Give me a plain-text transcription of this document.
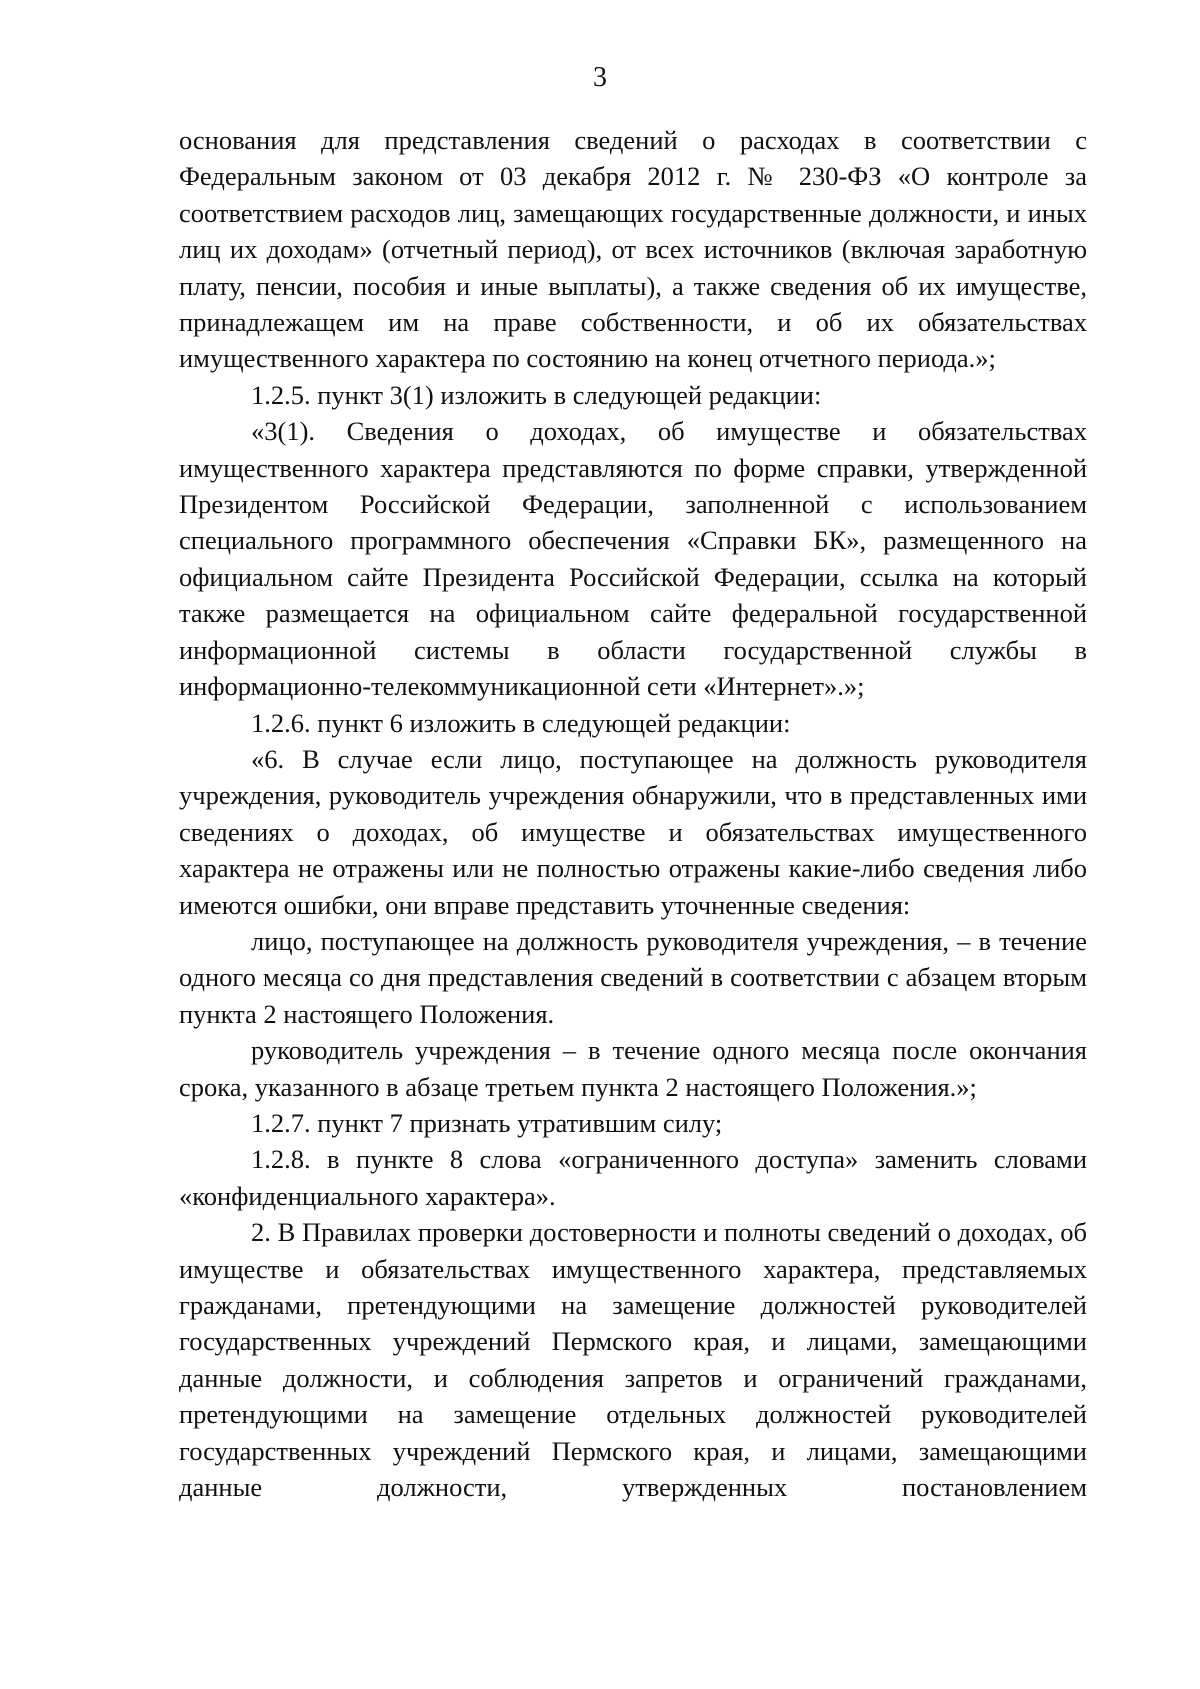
3

основания для представления сведений о расходах в соответствии с Федеральным законом от 03 декабря 2012 г. № 230-ФЗ «О контроле за соответствием расходов лиц, замещающих государственные должности, и иных лиц их доходам» (отчетный период), от всех источников (включая заработную плату, пенсии, пособия и иные выплаты), а также сведения об их имуществе, принадлежащем им на праве собственности, и об их обязательствах имущественного характера по состоянию на конец отчетного периода.»;

1.2.5. пункт 3(1) изложить в следующей редакции:

«3(1). Сведения о доходах, об имуществе и обязательствах имущественного характера представляются по форме справки, утвержденной Президентом Российской Федерации, заполненной с использованием специального программного обеспечения «Справки БК», размещенного на официальном сайте Президента Российской Федерации, ссылка на который также размещается на официальном сайте федеральной государственной информационной системы в области государственной службы в информационно-телекоммуникационной сети «Интернет».»;

1.2.6. пункт 6 изложить в следующей редакции:

«6. В случае если лицо, поступающее на должность руководителя учреждения, руководитель учреждения обнаружили, что в представленных ими сведениях о доходах, об имуществе и обязательствах имущественного характера не отражены или не полностью отражены какие-либо сведения либо имеются ошибки, они вправе представить уточненные сведения:

лицо, поступающее на должность руководителя учреждения, – в течение одного месяца со дня представления сведений в соответствии с абзацем вторым пункта 2 настоящего Положения.

руководитель учреждения – в течение одного месяца после окончания срока, указанного в абзаце третьем пункта 2 настоящего Положения.»;

1.2.7. пункт 7 признать утратившим силу;

1.2.8. в пункте 8 слова «ограниченного доступа» заменить словами «конфиденциального характера».

2. В Правилах проверки достоверности и полноты сведений о доходах, об имуществе и обязательствах имущественного характера, представляемых гражданами, претендующими на замещение должностей руководителей государственных учреждений Пермского края, и лицами, замещающими данные должности, и соблюдения запретов и ограничений гражданами, претендующими на замещение отдельных должностей руководителей государственных учреждений Пермского края, и лицами, замещающими данные должности, утвержденных постановлением
